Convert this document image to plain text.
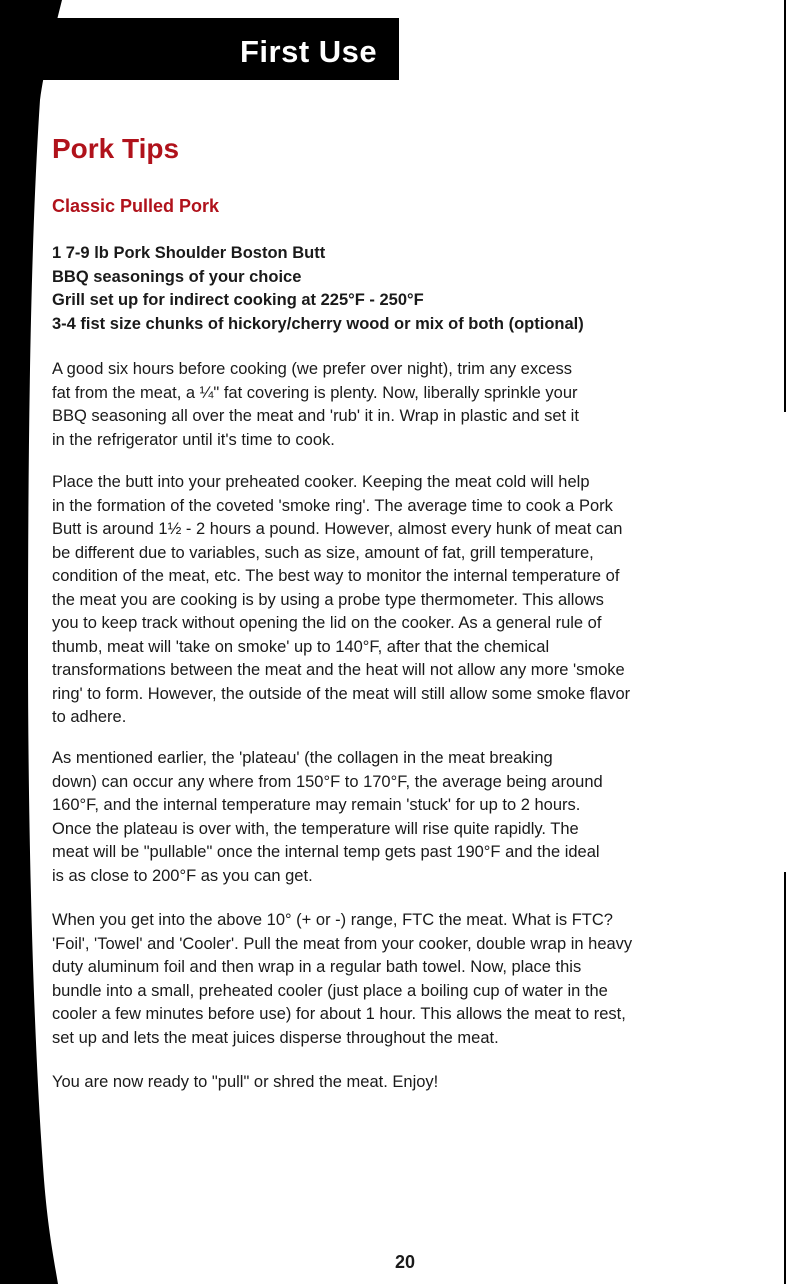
First Use
Pork Tips
Classic Pulled Pork
1 7-9 lb Pork Shoulder Boston Butt
BBQ seasonings of your choice
Grill set up for indirect cooking at 225°F - 250°F
3-4 fist size chunks of hickory/cherry wood or mix of both (optional)
A good six hours before cooking (we prefer over night), trim any excess
fat from the meat, a ¼" fat covering is plenty. Now, liberally sprinkle your
BBQ seasoning all over the meat and 'rub' it in. Wrap in plastic and set it
in the refrigerator until it's time to cook.
Place the butt into your preheated cooker. Keeping the meat cold will help
in the formation of the coveted 'smoke ring'. The average time to cook a Pork
Butt is around 1½ - 2 hours a pound. However, almost every hunk of meat can
be different due to variables, such as size, amount of fat, grill temperature,
condition of the meat, etc. The best way to monitor the internal temperature of
the meat you are cooking is by using a probe type thermometer. This allows
you to keep track without opening the lid on the cooker. As a general rule of
thumb, meat will 'take on smoke' up to 140°F, after that the chemical
transformations between the meat and the heat will not allow any more 'smoke
ring' to form. However, the outside of the meat will still allow some smoke flavor
to adhere.
As mentioned earlier, the 'plateau' (the collagen in the meat breaking
down) can occur any where from 150°F to 170°F, the average being around
160°F, and the internal temperature may remain 'stuck' for up to 2 hours.
Once the plateau is over with, the temperature will rise quite rapidly. The
meat will be "pullable" once the internal temp gets past 190°F and the ideal
is as close to 200°F as you can get.
When you get into the above 10° (+ or -) range, FTC the meat. What is FTC?
'Foil', 'Towel' and 'Cooler'. Pull the meat from your cooker, double wrap in heavy
duty aluminum foil and then wrap in a regular bath towel. Now, place this
bundle into a small, preheated cooler (just place a boiling cup of water in the
cooler a few minutes before use) for about 1 hour. This allows the meat to rest,
set up and lets the meat juices disperse throughout the meat.
You are now ready to "pull" or shred the meat. Enjoy!
20
